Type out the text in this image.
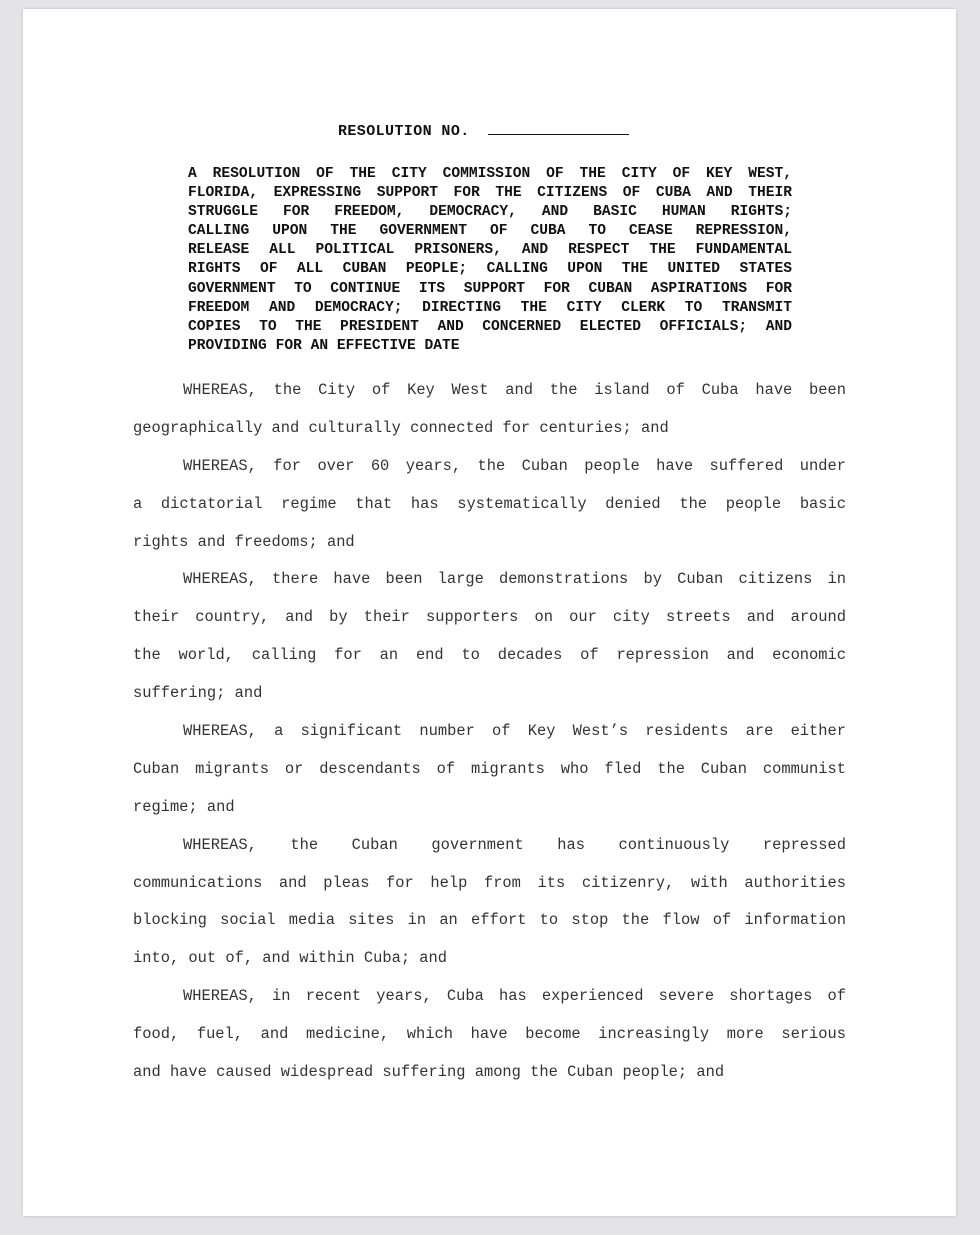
RESOLUTION NO.
A RESOLUTION OF THE CITY COMMISSION OF THE CITY OF KEY WEST,
FLORIDA, EXPRESSING SUPPORT FOR THE CITIZENS OF CUBA AND THEIR
STRUGGLE FOR FREEDOM, DEMOCRACY, AND BASIC HUMAN RIGHTS;
CALLING UPON THE GOVERNMENT OF CUBA TO CEASE REPRESSION,
RELEASE ALL POLITICAL PRISONERS, AND RESPECT THE FUNDAMENTAL
RIGHTS OF ALL CUBAN PEOPLE; CALLING UPON THE UNITED STATES
GOVERNMENT TO CONTINUE ITS SUPPORT FOR CUBAN ASPIRATIONS FOR
FREEDOM AND DEMOCRACY; DIRECTING THE CITY CLERK TO TRANSMIT
COPIES TO THE PRESIDENT AND CONCERNED ELECTED OFFICIALS; AND
PROVIDING FOR AN EFFECTIVE DATE
WHEREAS, the City of Key West and the island of Cuba have been
geographically and culturally connected for centuries; and
WHEREAS, for over 60 years, the Cuban people have suffered under
a dictatorial regime that has systematically denied the people basic
rights and freedoms; and
WHEREAS, there have been large demonstrations by Cuban citizens in
their country, and by their supporters on our city streets and around
the world, calling for an end to decades of repression and economic
suffering; and
WHEREAS, a significant number of Key West’s residents are either
Cuban migrants or descendants of migrants who fled the Cuban communist
regime; and
WHEREAS, the Cuban government has continuously repressed
communications and pleas for help from its citizenry, with authorities
blocking social media sites in an effort to stop the flow of information
into, out of, and within Cuba; and
WHEREAS, in recent years, Cuba has experienced severe shortages of
food, fuel, and medicine, which have become increasingly more serious
and have caused widespread suffering among the Cuban people; and
